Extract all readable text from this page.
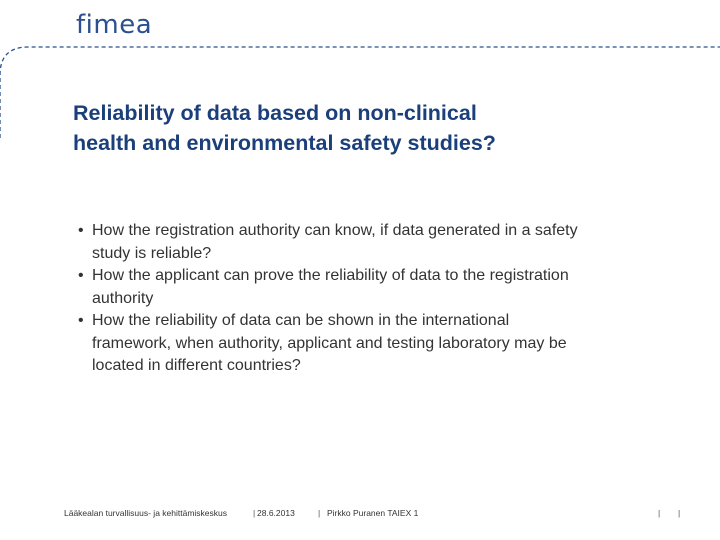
fimea
Reliability of data based on non-clinical
health and environmental safety studies?
• How the registration authority can know, if data generated in a safety
study is reliable?
• How the applicant can prove the reliability of data to the registration
authority
• How the reliability of data can be shown in the international
framework, when authority, applicant and testing laboratory may be
located in different countries?
Lääkealan turvallisuus- ja kehittämiskeskus	| 28.6.2013	| Pirkko Puranen TAIEX 1	| |
